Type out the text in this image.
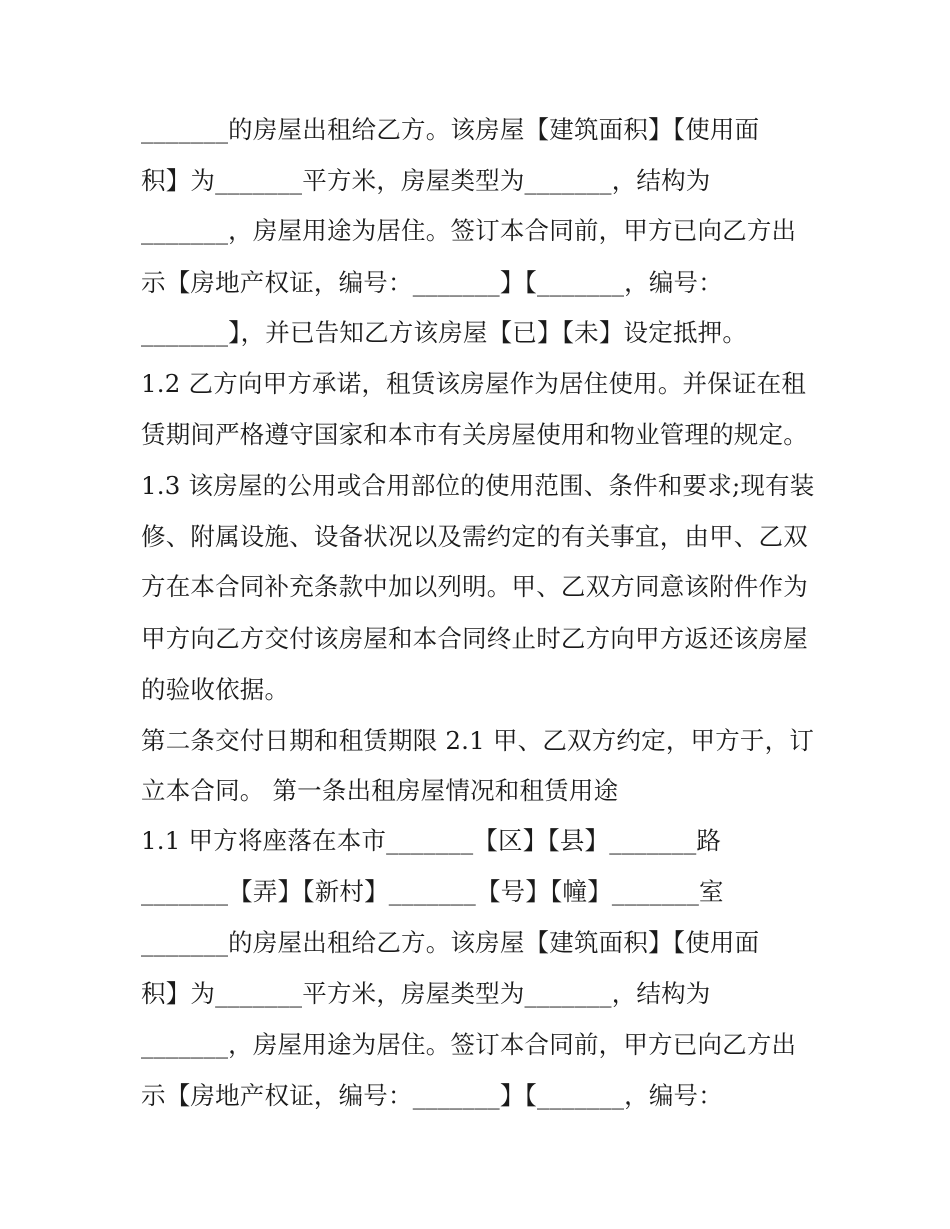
_______的房屋出租给乙方。该房屋【建筑面积】【使用面
积】为_______平方米，房屋类型为_______，结构为
_______，房屋用途为居住。签订本合同前，甲方已向乙方出
示【房地产权证，编号：_______】【_______，编号：
_______】，并已告知乙方该房屋【已】【未】设定抵押。
1.2 乙方向甲方承诺，租赁该房屋作为居住使用。并保证在租
赁期间严格遵守国家和本市有关房屋使用和物业管理的规定。
1.3 该房屋的公用或合用部位的使用范围、条件和要求;现有装
修、附属设施、设备状况以及需约定的有关事宜，由甲、乙双
方在本合同补充条款中加以列明。甲、乙双方同意该附件作为
甲方向乙方交付该房屋和本合同终止时乙方向甲方返还该房屋
的验收依据。
第二条交付日期和租赁期限 2.1 甲、乙双方约定，甲方于，订
立本合同。 第一条出租房屋情况和租赁用途
1.1 甲方将座落在本市_______【区】【县】_______路
_______【弄】【新村】_______【号】【幢】_______室
_______的房屋出租给乙方。该房屋【建筑面积】【使用面
积】为_______平方米，房屋类型为_______，结构为
_______，房屋用途为居住。签订本合同前，甲方已向乙方出
示【房地产权证，编号：_______】【_______，编号：
